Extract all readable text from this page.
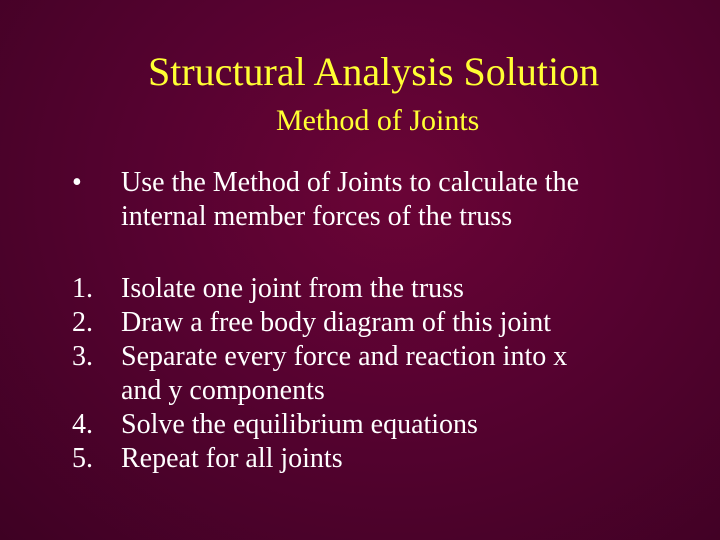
Structural Analysis Solution
Method of Joints
• Use the Method of Joints to calculate the
internal member forces of the truss
1. Isolate one joint from the truss
2. Draw a free body diagram of this joint
3. Separate every force and reaction into x
and y components
4. Solve the equilibrium equations
5. Repeat for all joints
